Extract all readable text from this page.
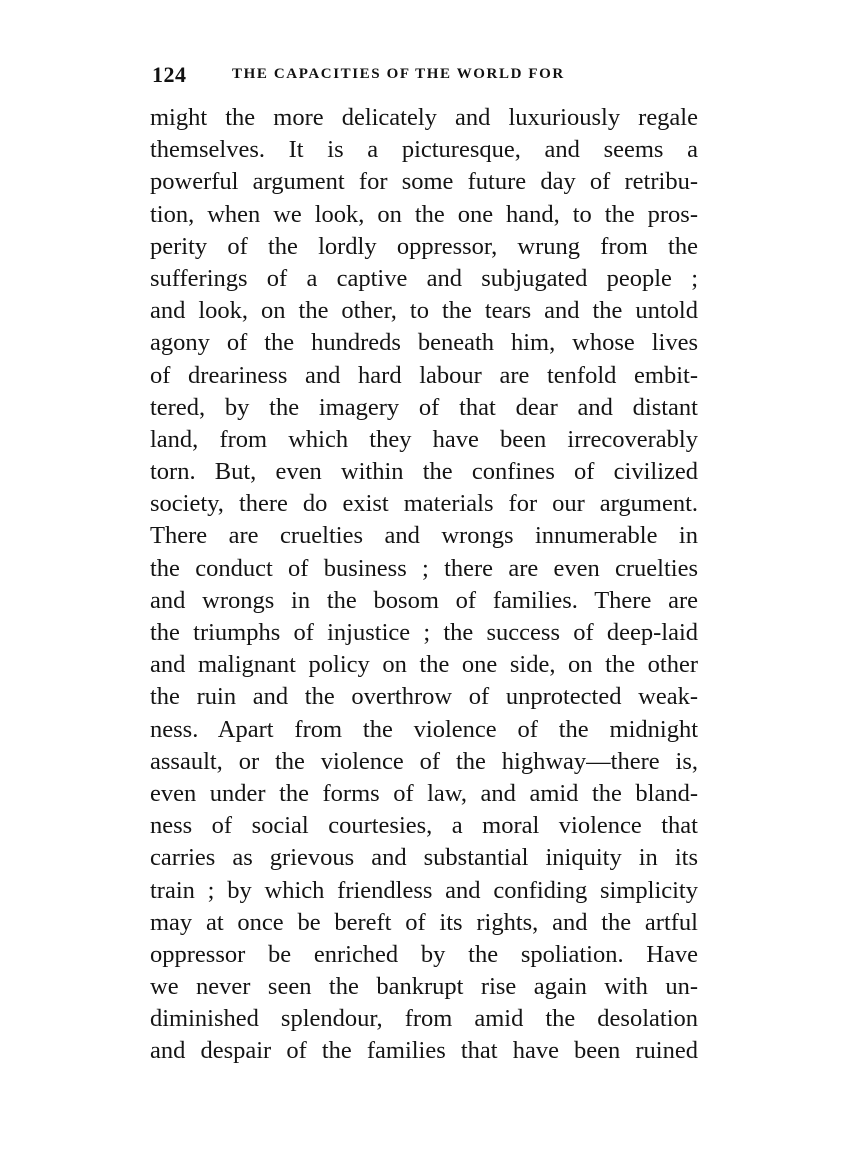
124	THE CAPACITIES OF THE WORLD FOR
might the more delicately and luxuriously regale
themselves. It is a picturesque, and seems a
powerful argument for some future day of retribu-
tion, when we look, on the one hand, to the pros-
perity of the lordly oppressor, wrung from the
sufferings of a captive and subjugated people ;
and look, on the other, to the tears and the untold
agony of the hundreds beneath him, whose lives
of dreariness and hard labour are tenfold embit-
tered, by the imagery of that dear and distant
land, from which they have been irrecoverably
torn. But, even within the confines of civilized
society, there do exist materials for our argument.
There are cruelties and wrongs innumerable in
the conduct of business ; there are even cruelties
and wrongs in the bosom of families. There are
the triumphs of injustice ; the success of deep-laid
and malignant policy on the one side, on the other
the ruin and the overthrow of unprotected weak-
ness. Apart from the violence of the midnight
assault, or the violence of the highway—there is,
even under the forms of law, and amid the bland-
ness of social courtesies, a moral violence that
carries as grievous and substantial iniquity in its
train ; by which friendless and confiding simplicity
may at once be bereft of its rights, and the artful
oppressor be enriched by the spoliation. Have
we never seen the bankrupt rise again with un-
diminished splendour, from amid the desolation
and despair of the families that have been ruined
